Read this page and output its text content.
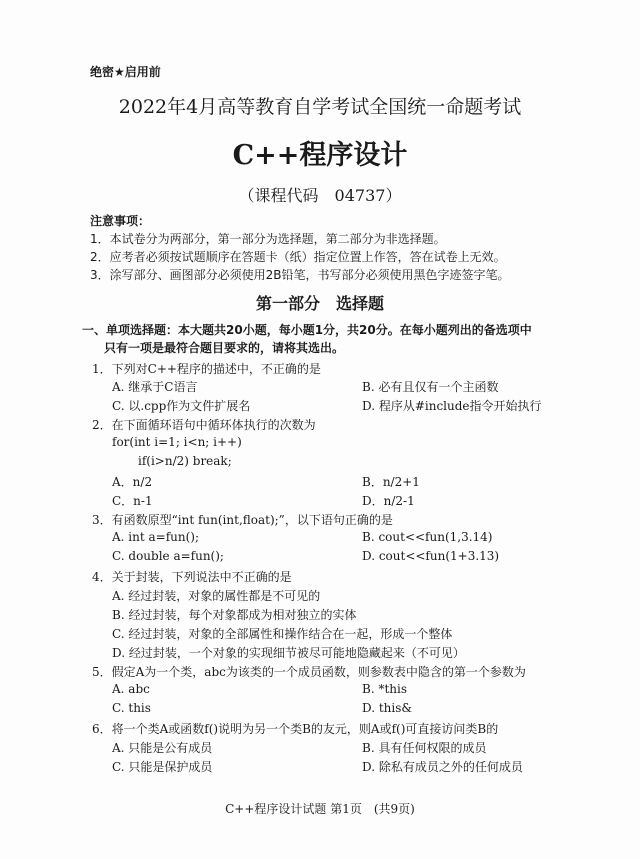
绝密★启用前
2022年4月高等教育自学考试全国统一命题考试
C++程序设计
（课程代码　04737）
注意事项：
1．本试卷分为两部分，第一部分为选择题，第二部分为非选择题。
2．应考者必须按试题顺序在答题卡（纸）指定位置上作答，答在试卷上无效。
3．涂写部分、画图部分必须使用2B铅笔，书写部分必须使用黑色字迹签字笔。
第一部分　选择题
一、单项选择题：本大题共20小题，每小题1分，共20分。在每小题列出的备选项中
只有一项是最符合题目要求的，请将其选出。
1．下列对C++程序的描述中，不正确的是
A. 继承于C语言	B. 必有且仅有一个主函数
C. 以.cpp作为文件扩展名	D. 程序从#include指令开始执行
2．在下面循环语句中循环体执行的次数为
for(int i=1; i<n; i++)
if(i>n/2) break;
A．n/2	B．n/2+1
C．n-1	D．n/2-1
3．有函数原型“int fun(int,float);”，以下语句正确的是
A. int a=fun();	B. cout<<fun(1,3.14)
C. double a=fun();	D. cout<<fun(1+3.13)
4．关于封装，下列说法中不正确的是
A. 经过封装，对象的属性都是不可见的
B. 经过封装，每个对象都成为相对独立的实体
C. 经过封装，对象的全部属性和操作结合在一起，形成一个整体
D. 经过封装，一个对象的实现细节被尽可能地隐藏起来（不可见）
5．假定A为一个类，abc为该类的一个成员函数，则参数表中隐含的第一个参数为
A. abc	B. *this
C. this	D. this&
6．将一个类A或函数f()说明为另一个类B的友元，则A或f()可直接访问类B的
A. 只能是公有成员	B. 具有任何权限的成员
C. 只能是保护成员	D. 除私有成员之外的任何成员
C++程序设计试题 第1页　(共9页)
